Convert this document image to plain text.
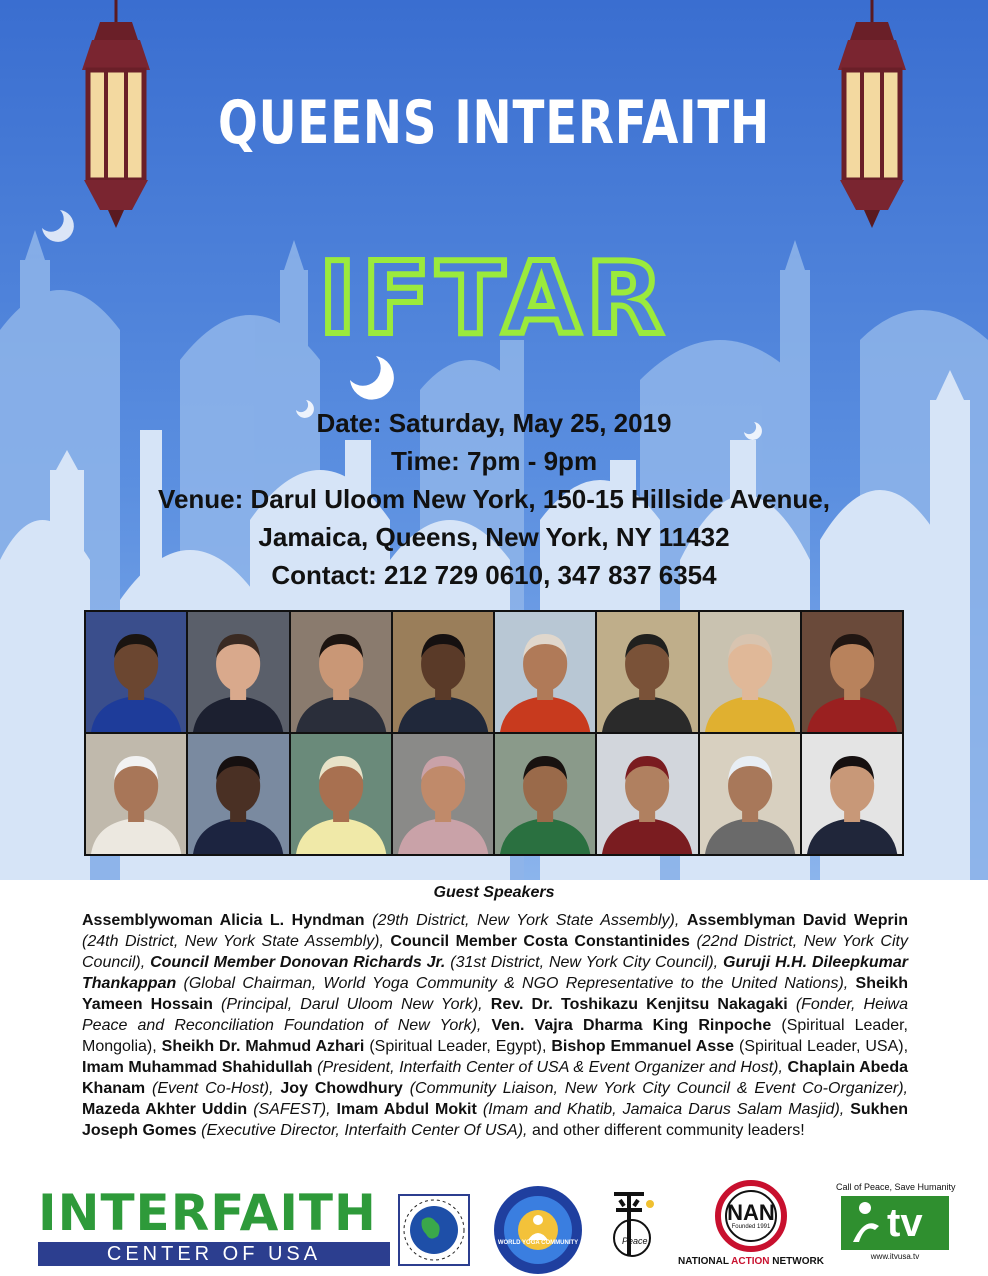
QUEENS INTERFAITH
IFTAR
Date: Saturday, May 25, 2019
Time: 7pm - 9pm
Venue: Darul Uloom New York, 150-15 Hillside Avenue,
Jamaica, Queens, New York, NY 11432
Contact: 212 729 0610, 347 837 6354
Guest Speakers
Assemblywoman Alicia L. Hyndman (29th District, New York State Assembly), Assemblyman David Weprin (24th District, New York State Assembly), Council Member Costa Constantinides (22nd District, New York City Council), Council Member Donovan Richards Jr. (31st District, New York City Council), Guruji H.H. Dileepkumar Thankappan (Global Chairman, World Yoga Community & NGO Representative to the United Nations), Sheikh Yameen Hossain (Principal, Darul Uloom New York), Rev. Dr. Toshikazu Kenjitsu Nakagaki (Fonder, Heiwa Peace and Reconciliation Foundation of New York), Ven. Vajra Dharma King Rinpoche (Spiritual Leader, Mongolia), Sheikh Dr. Mahmud Azhari (Spiritual Leader, Egypt), Bishop Emmanuel Asse (Spiritual Leader, USA), Imam Muhammad Shahidullah (President, Interfaith Center of USA & Event Organizer and Host), Chaplain Abeda Khanam (Event Co-Host), Joy Chowdhury (Community Liaison, New York City Council & Event Co-Organizer), Mazeda Akhter Uddin (SAFEST), Imam Abdul Mokit (Imam and Khatib, Jamaica Darus Salam Masjid), Sukhen Joseph Gomes (Executive Director, Interfaith Center Of USA), and other different community leaders!
INTERFAITH
CENTER OF USA	WORLD YOGA COMMUNITY	Peace
NAN
Founded 1991
NATIONAL ACTION NETWORK
Call of Peace, Save Humanity
tv
www.itvusa.tv
